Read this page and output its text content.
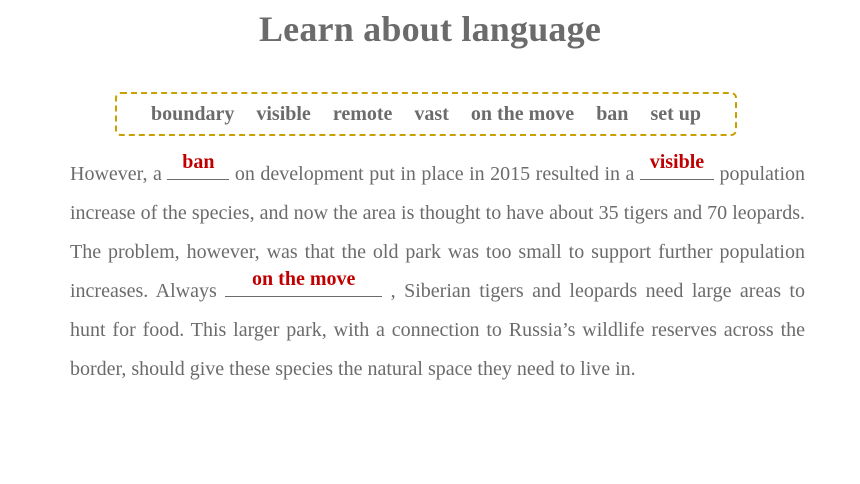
Learn about language
boundary visible remote vast on the move ban set up
However, a
ban
on development put in place in 2015 resulted in a
visible
population increase of the species, and now the area is thought to have about 35 tigers and 70 leopards. The problem, however, was that the old park was too small to support further population increases. Always
on the move
, Siberian tigers and leopards need large areas to hunt for food. This larger park, with a connection to Russia’s wildlife reserves across the border, should give these species the natural space they need to live in.
